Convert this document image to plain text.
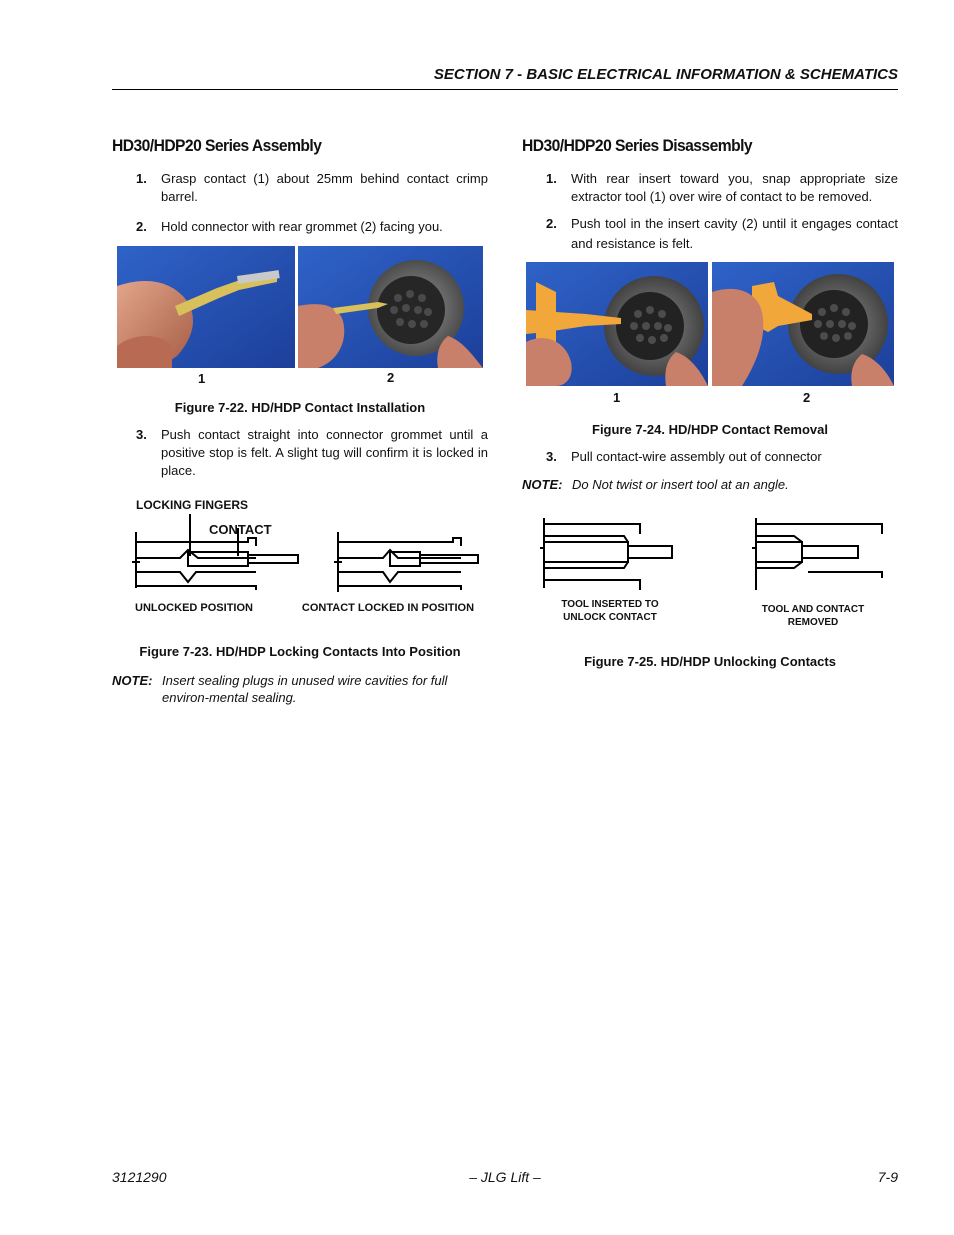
SECTION 7 - BASIC ELECTRICAL INFORMATION & SCHEMATICS
HD30/HDP20 Series Assembly
1. Grasp contact (1) about 25mm behind contact crimp barrel.
2. Hold connector with rear grommet (2) facing you.
1	2
Figure 7-22. HD/HDP Contact Installation
3. Push contact straight into connector grommet until a positive stop is felt. A slight tug will confirm it is locked in place.
LOCKING FINGERS
CONTACT
UNLOCKED POSITION	CONTACT LOCKED IN POSITION
Figure 7-23. HD/HDP Locking Contacts Into Position
NOTE: Insert sealing plugs in unused wire cavities for full environ-mental sealing.
HD30/HDP20 Series Disassembly
1. With rear insert toward you, snap appropriate size extractor tool (1) over wire of contact to be removed.
2. Push tool in the insert cavity (2) until it engages contact and resistance is felt.
1	2
Figure 7-24. HD/HDP Contact Removal
3. Pull contact-wire assembly out of connector
NOTE: Do Not twist or insert tool at an angle.
TOOL INSERTED TO
UNLOCK CONTACT
TOOL AND CONTACT
REMOVED
Figure 7-25. HD/HDP Unlocking Contacts
3121290	– JLG Lift –	7-9
